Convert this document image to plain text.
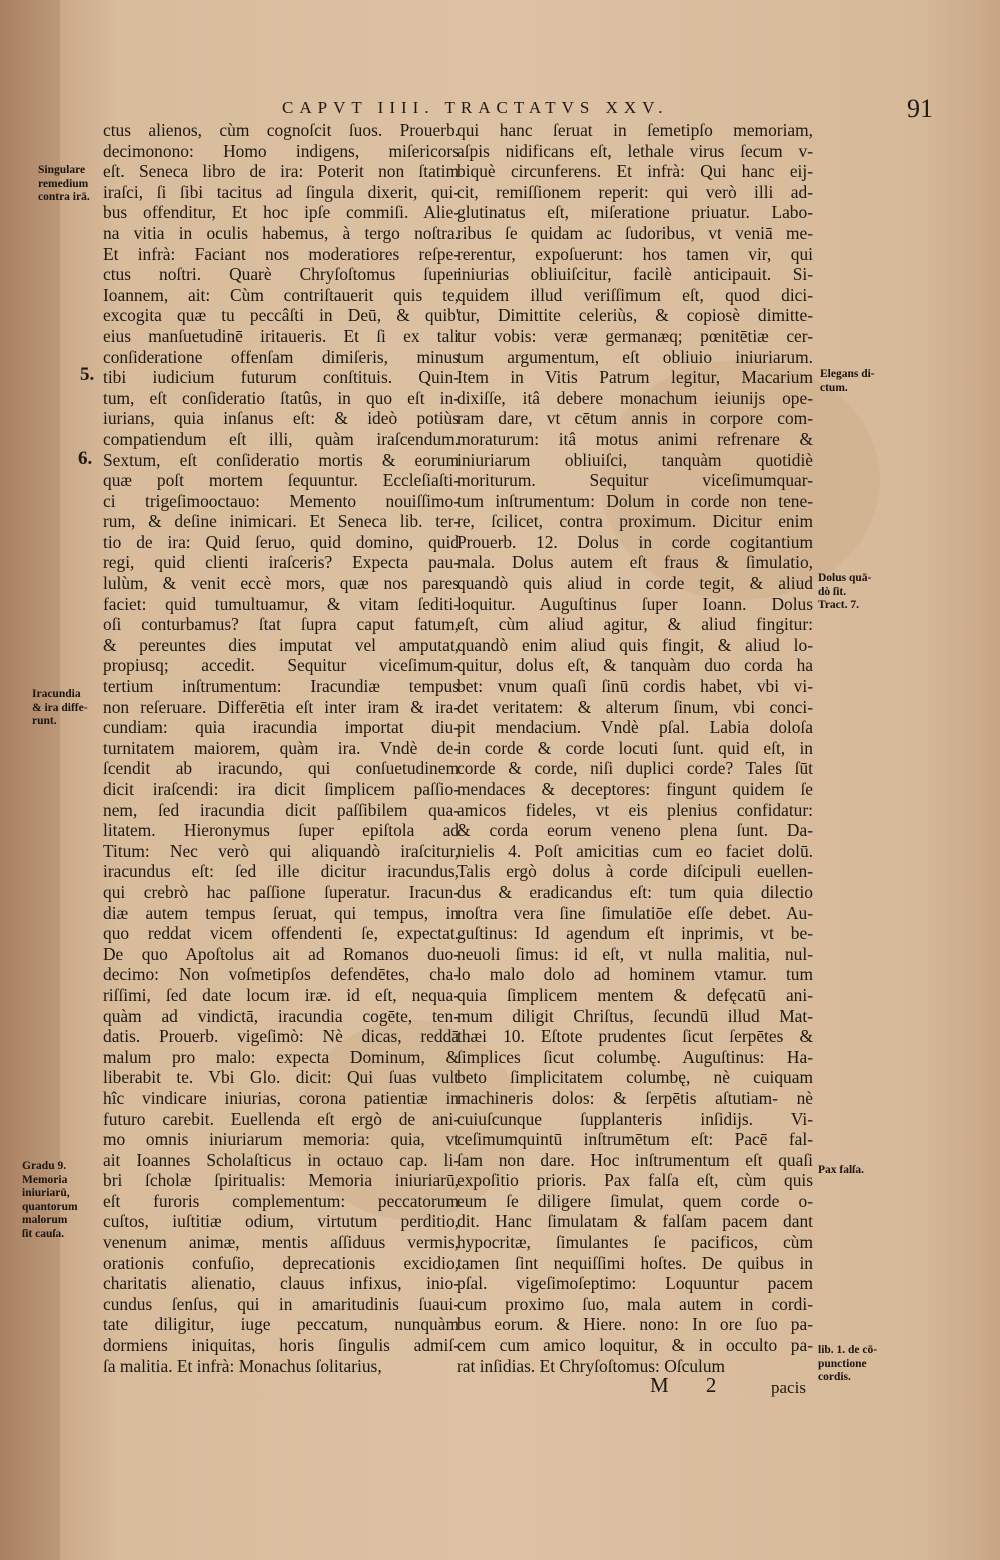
CAPVT IIII. TRACTATVS XXV.	91
ctus alienos, cùm cognoſcit ſuos. Prouerb.
decimonono: Homo indigens, miſericors
eſt. Seneca libro de ira: Poterit non ſtatim
iraſci, ſi ſibi tacitus ad ſingula dixerit, qui-
bus offenditur, Et hoc ipſe commiſi. Alie-
na vitia in oculis habemus, à tergo noſtra.
Et infrà: Faciant nos moderatiores reſpe-
ctus noſtri. Quarè Chryſoſtomus ſuper
Ioannem, ait: Cùm contriſtauerit quis te,
excogita quæ tu peccâſti in Deū, & quib'
eius manſuetudinē iritaueris. Et ſi ex tali
conſideratione offenſam dimiſeris, minus
tibi iudicium futurum conſtituis. Quin-
tum, eſt conſideratio ſtatûs, in quo eſt in-
iurians, quia inſanus eſt: & ideò potiùs
compatiendum eſt illi, quàm iraſcendum.
Sextum, eſt conſideratio mortis & eorum
quæ poſt mortem ſequuntur. Eccleſiaſti-
ci trigeſimooctauo: Memento nouiſſimo-
rum, & deſine inimicari. Et Seneca lib. ter-
tio de ira: Quid ſeruo, quid domino, quid
regi, quid clienti iraſceris? Expecta pau-
lulùm, & venit eccè mors, quæ nos pares
faciet: quid tumultuamur, & vitam ſediti-
oſi conturbamus? ſtat ſupra caput fatum,
& pereuntes dies imputat vel amputat,
propiusq; accedit. Sequitur viceſimum-
tertium inſtrumentum: Iracundiæ tempus
non reſeruare. Differētia eſt inter iram & ira-
cundiam: quia iracundia importat diu-
turnitatem maiorem, quàm ira. Vndè de-
ſcendit ab iracundo, qui conſuetudinem
dicit iraſcendi: ira dicit ſimplicem paſſio-
nem, ſed iracundia dicit paſſibilem qua-
litatem. Hieronymus ſuper epiſtola ad
Titum: Nec verò qui aliquandò iraſcitur,
iracundus eſt: ſed ille dicitur iracundus,
qui crebrò hac paſſione ſuperatur. Iracun-
diæ autem tempus ſeruat, qui tempus, in
quo reddat vicem offendenti ſe, expectat.
De quo Apoſtolus ait ad Romanos duo-
decimo: Non voſmetipſos defendētes, cha-
riſſimi, ſed date locum iræ. id eſt, nequa-
quàm ad vindictā, iracundia cogēte, ten-
datis. Prouerb. vigeſimò: Nè dicas, reddā
malum pro malo: expecta Dominum, &
liberabit te. Vbi Glo. dicit: Qui ſuas vult
hîc vindicare iniurias, corona patientiæ in
futuro carebit. Euellenda eſt ergò de ani-
mo omnis iniuriarum memoria: quia, vt
ait Ioannes Scholaſticus in octauo cap. li-
bri ſcholæ ſpiritualis: Memoria iniuriarū,
eſt furoris complementum: peccatorum
cuſtos, iuſtitiæ odium, virtutum perditio,
venenum animæ, mentis aſſiduus vermis,
orationis confuſio, deprecationis excidio,
charitatis alienatio, clauus infixus, inio-
cundus ſenſus, qui in amaritudinis ſuaui-
tate diligitur, iuge peccatum, nunquàm
dormiens iniquitas, horis ſingulis admiſ-
ſa malitia. Et infrà: Monachus ſolitarius,
qui hanc ſeruat in ſemetipſo memoriam,
aſpis nidificans eſt, lethale virus ſecum v-
biquè circunferens. Et infrà: Qui hanc eij-
cit, remiſſionem reperit: qui verò illi ad-
glutinatus eſt, miſeratione priuatur. Labo-
ribus ſe quidam ac ſudoribus, vt veniā me-
rerentur, expoſuerunt: hos tamen vir, qui
iniurias obliuiſcitur, facilè anticipauit. Si-
quidem illud veriſſimum eſt, quod dici-
tur, Dimittite celeriùs, & copiosè dimitte-
tur vobis: veræ germanæq; pœnitētiæ cer-
tum argumentum, eſt obliuio iniuriarum.
Item in Vitis Patrum legitur, Macarium
dixiſſe, itâ debere monachum ieiunijs ope-
ram dare, vt cētum annis in corpore com-
moraturum: itâ motus animi refrenare &
iniuriarum obliuiſci, tanquàm quotidiè
moriturum. Sequitur viceſimumquar-
tum inſtrumentum: Dolum in corde non tene-
re, ſcilicet, contra proximum. Dicitur enim
Prouerb. 12. Dolus in corde cogitantium
mala. Dolus autem eſt fraus & ſimulatio,
quandò quis aliud in corde tegit, & aliud
loquitur. Auguſtinus ſuper Ioann. Dolus
eſt, cùm aliud agitur, & aliud fingitur:
quandò enim aliud quis fingit, & aliud lo-
quitur, dolus eſt, & tanquàm duo corda ha
bet: vnum quaſi ſinū cordis habet, vbi vi-
det veritatem: & alterum ſinum, vbi conci-
pit mendacium. Vndè pſal. Labia doloſa
in corde & corde locuti ſunt. quid eſt, in
corde & corde, niſi duplici corde? Tales ſūt
mendaces & deceptores: fingunt quidem ſe
amicos fideles, vt eis plenius confidatur:
& corda eorum veneno plena ſunt. Da-
nielis 4. Poſt amicitias cum eo faciet dolū.
Talis ergò dolus à corde diſcipuli euellen-
dus & eradicandus eſt: tum quia dilectio
noſtra vera ſine ſimulatiōe eſſe debet. Au-
guſtinus: Id agendum eſt inprimis, vt be-
neuoli ſimus: id eſt, vt nulla malitia, nul-
lo malo dolo ad hominem vtamur. tum
quia ſimplicem mentem & defęcatū ani-
mum diligit Chriſtus, ſecundū illud Mat-
thæi 10. Eſtote prudentes ſicut ſerpētes &
ſimplices ſicut columbę. Auguſtinus: Ha-
beto ſimplicitatem columbę, nè cuiquam
machineris dolos: & ſerpētis aſtutiam- nè
cuiuſcunque ſupplanteris inſidijs. Vi-
ceſimumquintū inſtrumētum eſt: Pacē fal-
ſam non dare. Hoc inſtrumentum eſt quaſi
expoſitio prioris. Pax falſa eſt, cùm quis
eum ſe diligere ſimulat, quem corde o-
dit. Hanc ſimulatam & falſam pacem dant
hypocritæ, ſimulantes ſe pacificos, cùm
tamen ſint nequiſſimi hoſtes. De quibus in
pſal. vigeſimoſeptimo: Loquuntur pacem
cum proximo ſuo, mala autem in cordi-
bus eorum. & Hiere. nono: In ore ſuo pa-
cem cum amico loquitur, & in occulto pa-
rat inſidias. Et Chryſoſtomus: Oſculum
5.
6.
Singulare
remedium
contra irā.
Iracundia
& ira diffe-
runt.
Gradu 9.
Memoria
iniuriarū,
quantorum
malorum
ſit cauſa.
Elegans di-
ctum.
Dolus quā-
dò ſit.
Tract. 7.
Pax falſa.
lib. 1. de cō-
punctione
cordis.
M 2 pacis
